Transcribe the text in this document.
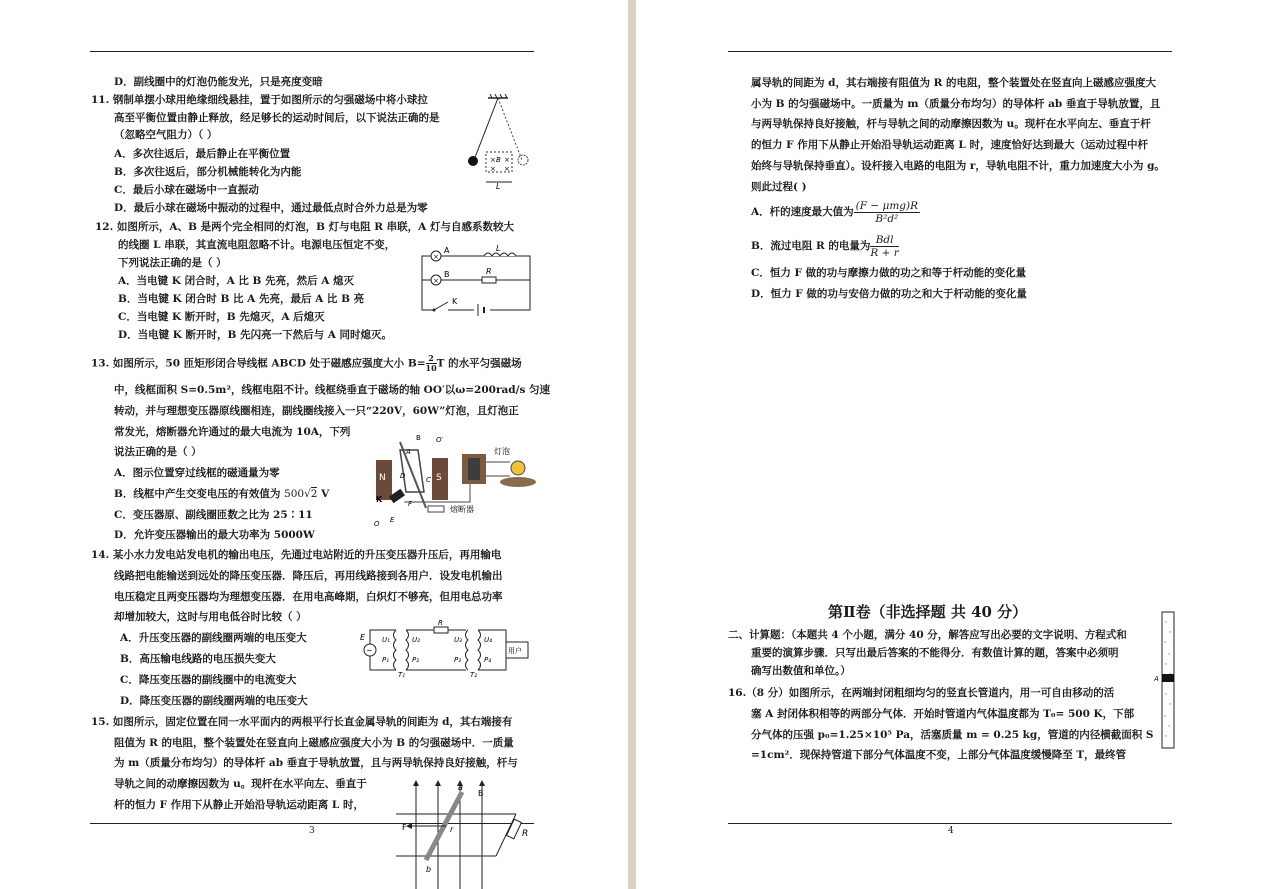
D．副线圈中的灯泡仍能发光，只是亮度变暗
11. 钢制单摆小球用绝缘细线悬挂，置于如图所示的匀强磁场中将小球拉
高至平衡位置由静止释放，经足够长的运动时间后，以下说法正确的是
（忽略空气阻力）（ ）
A．多次往返后，最后静止在平衡位置
B．多次往返后，部分机械能转化为内能
C．最后小球在磁场中一直振动
D．最后小球在磁场中振动的过程中，通过最低点时合外力总是为零
× B ×
× ×
L
12. 如图所示，A、B 是两个完全相同的灯泡，B 灯与电阻 R 串联，A 灯与自感系数较大
的线圈 L 串联，其直流电阻忽略不计。电源电压恒定不变，
下列说法正确的是（ ）
A．当电键 K 闭合时，A 比 B 先亮，然后 A 熄灭
B．当电键 K 闭合时 B 比 A 先亮，最后 A 比 B 亮
C．当电键 K 断开时，B 先熄灭，A 后熄灭
D．当电键 K 断开时，B 先闪亮一下然后与 A 同时熄灭。
×
A	L
×
B	R
K
13. 如图所示，50 匝矩形闭合导线框 ABCD 处于磁感应强度大小 $B= \frac{2}{10}T$ 的水平匀强磁场
中，线框面积 S=0.5m²，线框电阻不计。线框绕垂直于磁场的轴 OO′以ω=200rad/s 匀速
转动，并与理想变压器原线圈相连，副线圈线接入一只“220V，60W”灯泡，且灯泡正
常发光，熔断器允许通过的最大电流为 10A，下列
说法正确的是（ ）
A．图示位置穿过线框的磁通量为零
B．线框中产生交变电压的有效值为 500√2 V
C．变压器原、副线圈匝数之比为 25∶11
D．允许变压器输出的最大功率为 5000W
N	S
B O′
A
D	C
K	F
O E
熔断器
灯泡
14. 某小水力发电站发电机的输出电压，先通过电站附近的升压变压器升压后，再用输电
线路把电能输送到远处的降压变压器．降压后，再用线路接到各用户．设发电机输出
电压稳定且两变压器均为理想变压器．在用电高峰期，白炽灯不够亮，但用电总功率
却增加较大，这时与用电低谷时比较（ ）
A．升压变压器的副线圈两端的电压变大
B．高压输电线路的电压损失变大
C．降压变压器的副线圈中的电流变大
D．降压变压器的副线圈两端的电压变大
~
E U₁	U₂
P₁	P₂
T₁
R
U₃	U₄
P₃	P₄
T₂
用户
15. 如图所示，固定位置在同一水平面内的两根平行长直金属导轨的间距为 d，其右端接有
阻值为 R 的电阻，整个装置处在竖直向上磁感应强度大小为 B 的匀强磁场中．一质量
为 m（质量分布均匀）的导体杆 ab 垂直于导轨放置，且与两导轨保持良好接触，杆与
导轨之间的动摩擦因数为 u。现杆在水平向左、垂直于
杆的恒力 F 作用下从静止开始沿导轨运动距离 L 时，
3	R
B
a
b
F	r
属导轨的间距为 d，其右端接有阻值为 R 的电阻，整个装置处在竖直向上磁感应强度大
小为 B 的匀强磁场中。一质量为 m（质量分布均匀）的导体杆 ab 垂直于导轨放置，且
与两导轨保持良好接触，杆与导轨之间的动摩擦因数为 u。现杆在水平向左、垂直于杆
的恒力 F 作用下从静止开始沿导轨运动距离 L 时，速度恰好达到最大（运动过程中杆
始终与导轨保持垂直）。设杆接入电路的电阻为 r，导轨电阻不计，重力加速度大小为 g。
则此过程( )
A．杆的速度最大值为 $\frac{\text{(F − μmg)R}}{\text{B²d²}}$
B．流过电阻 R 的电量为 $\frac{\text{Bdl}}{R + r}$
C．恒力 F 做的功与摩擦力做的功之和等于杆动能的变化量
D．恒力 F 做的功与安倍力做的功之和大于杆动能的变化量
第Ⅱ卷（非选择题 共 40 分）
二、计算题：（本题共 4 个小题，满分 40 分，解答应写出必要的文字说明、方程式和
重要的演算步骤．只写出最后答案的不能得分．有数值计算的题，答案中必须明
确写出数值和单位。）
16.（8 分）如图所示，在两端封闭粗细均匀的竖直长管道内，用一可自由移动的活
塞 A 封闭体积相等的两部分气体．开始时管道内气体温度都为 T₀= 500 K，下部
分气体的压强 p₀=1.25×10⁵ Pa，活塞质量 m = 0.25 kg，管道的内径横截面积 S
=1cm²．现保持管道下部分气体温度不变，上部分气体温度缓慢降至 T，最终管
A
4
